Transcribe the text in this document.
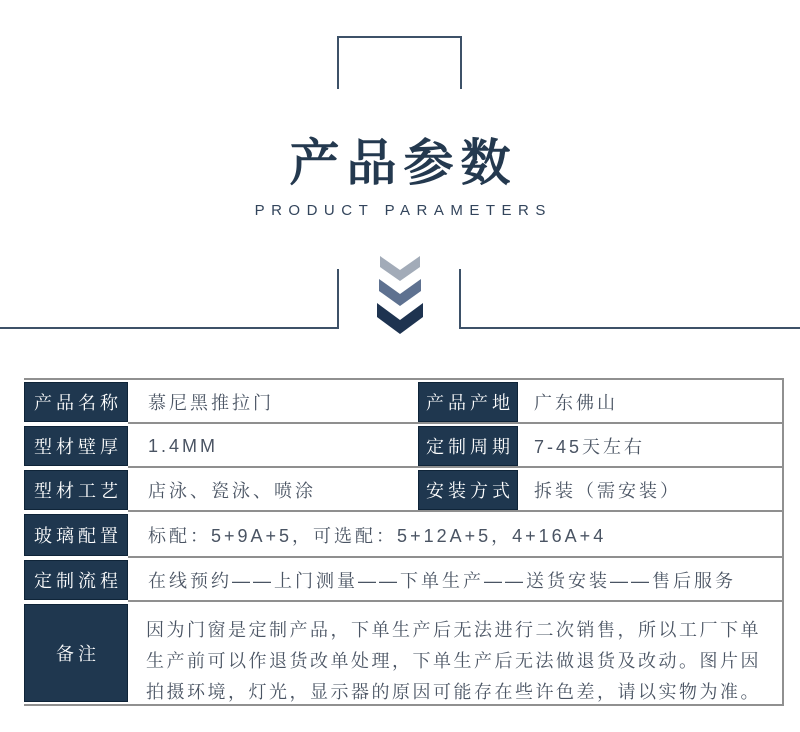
产品参数
PRODUCT PARAMETERS
产品名称	慕尼黑推拉门	产品产地	广东佛山
型材壁厚	1.4MM	定制周期	7-45天左右
型材工艺	店泳、瓷泳、喷涂	安装方式	拆装（需安装）
玻璃配置	标配：5+9A+5，可选配：5+12A+5，4+16A+4
定制流程	在线预约——上门测量——下单生产——送货安装——售后服务
备注
因为门窗是定制产品，下单生产后无法进行二次销售，所以工厂下单生产前可以作退货改单处理，下单生产后无法做退货及改动。图片因拍摄环境，灯光，显示器的原因可能存在些许色差，请以实物为准。
